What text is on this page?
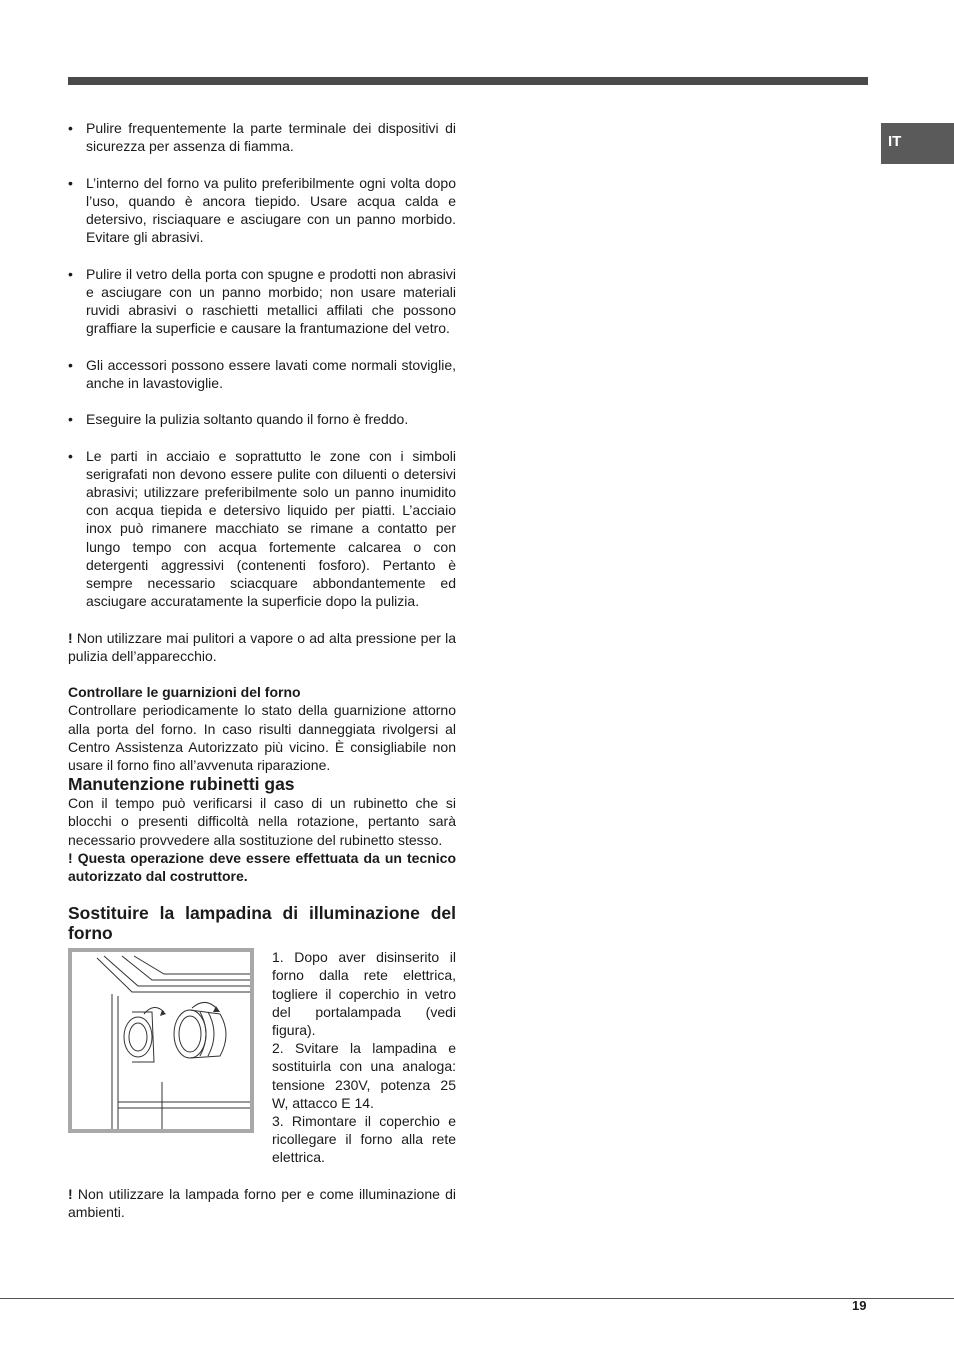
IT
• Pulire frequentemente la parte terminale dei dispositivi di sicurezza per assenza di fiamma.
• L’interno del forno va pulito preferibilmente ogni volta dopo l’uso, quando è ancora tiepido. Usare acqua calda e detersivo, risciaquare e asciugare con un panno morbido. Evitare gli abrasivi.
• Pulire il vetro della porta con spugne e prodotti non abrasivi e asciugare con un panno morbido; non usare materiali ruvidi abrasivi o raschietti metallici affilati che possono graffiare la superficie e causare la frantumazione del vetro.
• Gli accessori possono essere lavati come normali stoviglie, anche in lavastoviglie.
• Eseguire la pulizia soltanto quando il forno è freddo.
• Le parti in acciaio e soprattutto le zone con i simboli serigrafati non devono essere pulite con diluenti o detersivi abrasivi; utilizzare preferibilmente solo un panno inumidito con acqua tiepida e detersivo liquido per piatti. L’acciaio inox può rimanere macchiato se rimane a contatto per lungo tempo con acqua fortemente calcarea o con detergenti aggressivi (contenenti fosforo). Pertanto è sempre necessario sciacquare abbondantemente ed asciugare accuratamente la superficie dopo la pulizia.

! Non utilizzare mai pulitori a vapore o ad alta pressione per la pulizia dell’apparecchio.

Controllare le guarnizioni del forno

Controllare periodicamente lo stato della guarnizione attorno alla porta del forno. In caso risulti danneggiata rivolgersi al Centro Assistenza Autorizzato più vicino. È consigliabile non usare il forno fino all’avvenuta riparazione.

Manutenzione rubinetti gas

Con il tempo può verificarsi il caso di un rubinetto che si blocchi o presenti difficoltà nella rotazione, pertanto sarà necessario provvedere alla sostituzione del rubinetto stesso.

! Questa operazione deve essere effettuata da un tecnico autorizzato dal costruttore.

Sostituire la lampadina di illuminazione del forno

1. Dopo aver disinserito il forno dalla rete elettrica, togliere il coperchio in vetro del portalampada (vedi figura).

2. Svitare la lampadina e sostituirla con una analoga: tensione 230V, potenza 25 W, attacco E 14.

3. Rimontare il coperchio e ricollegare il forno alla rete elettrica.

! Non utilizzare la lampada forno per e come illuminazione di ambienti.

19
